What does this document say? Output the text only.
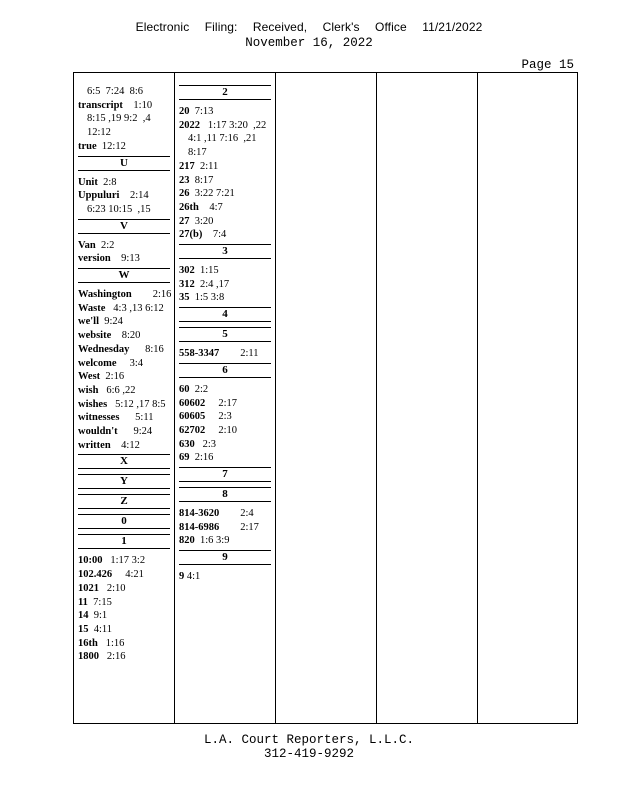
Electronic Filing: Received, Clerk's Office 11/21/2022
November 16, 2022
Page 15
6:5  7:24  8:6
transcript    1:10
8:15 ,19 9:2  ,4
12:12
true  12:12
U
Unit  2:8
Uppuluri    2:14
6:23 10:15  ,15
V
Van  2:2
version    9:13
W
Washington        2:16
Waste   4:3 ,13 6:12
we'll  9:24
website    8:20
Wednesday      8:16
welcome     3:4
West  2:16
wish   6:6 ,22
wishes   5:12 ,17 8:5
witnesses      5:11
wouldn't      9:24
written    4:12
X
Y
Z
0
1
10:00   1:17 3:2
102.426     4:21
1021   2:10
11  7:15
14  9:1
15  4:11
16th   1:16
1800   2:16
2
20  7:13
2022   1:17 3:20  ,22
4:1 ,11 7:16  ,21
8:17
217  2:11
23  8:17
26  3:22 7:21
26th    4:7
27  3:20
27(b)    7:4
3
302  1:15
312  2:4 ,17
35  1:5 3:8
4
5
558-3347        2:11
6
60  2:2
60602     2:17
60605     2:3
62702     2:10
630   2:3
69  2:16
7
8
814-3620        2:4
814-6986        2:17
820  1:6 3:9
9
9 4:1
L.A. Court Reporters, L.L.C.
312-419-9292
